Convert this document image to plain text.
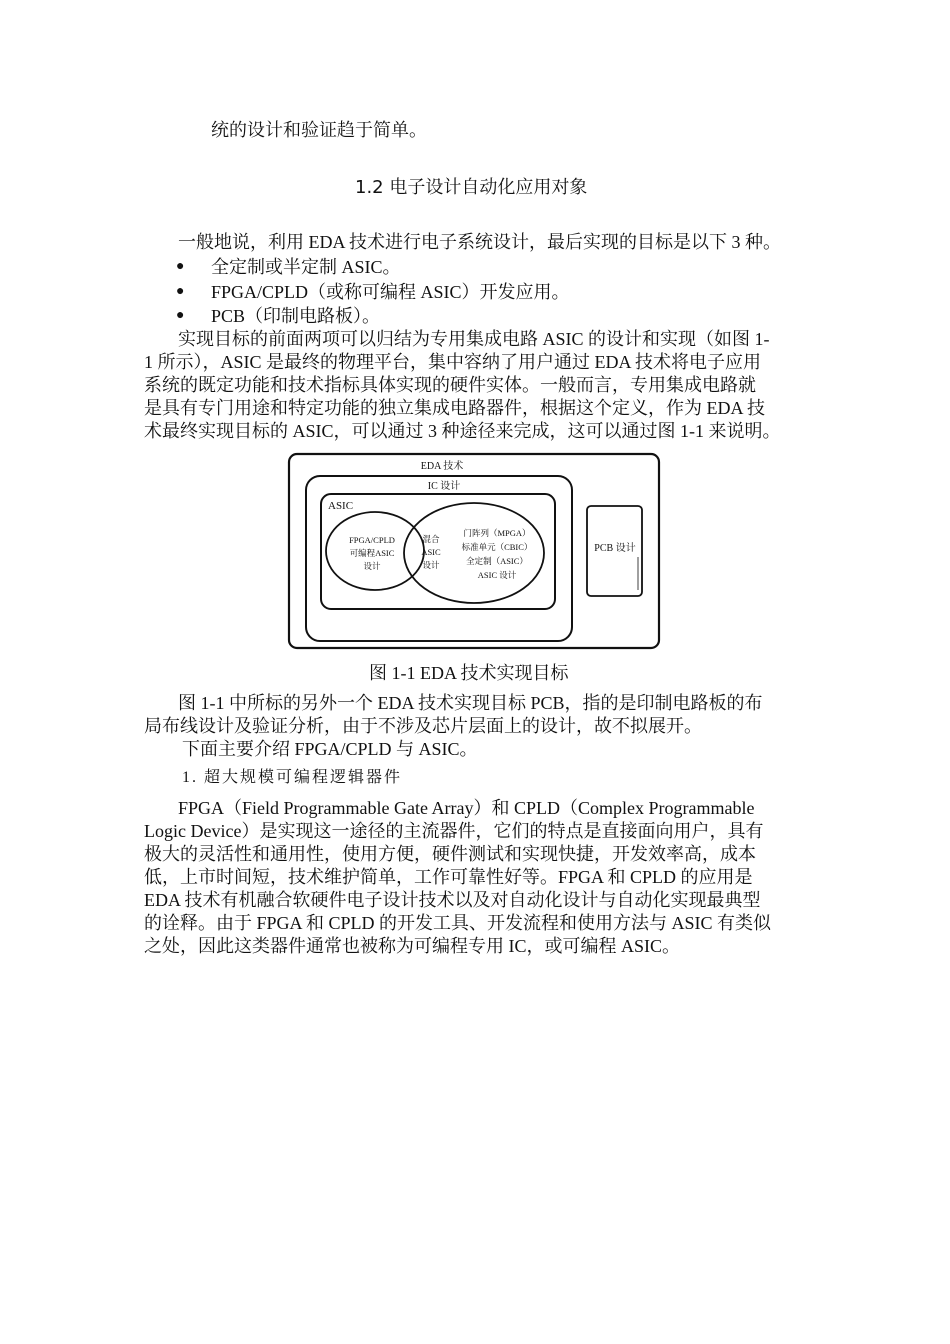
统的设计和验证趋于简单。
1.2 电子设计自动化应用对象
一般地说，利用 EDA 技术进行电子系统设计，最后实现的目标是以下 3 种。
● 全定制或半定制 ASIC。
● FPGA/CPLD（或称可编程 ASIC）开发应用。
● PCB（印制电路板）。
实现目标的前面两项可以归结为专用集成电路 ASIC 的设计和实现（如图 1-
1 所示），ASIC 是最终的物理平台，集中容纳了用户通过 EDA 技术将电子应用
系统的既定功能和技术指标具体实现的硬件实体。一般而言，专用集成电路就
是具有专门用途和特定功能的独立集成电路器件，根据这个定义，作为 EDA 技
术最终实现目标的 ASIC，可以通过 3 种途径来完成，这可以通过图 1-1 来说明。
EDA 技术
IC 设计
ASIC
FPGA/CPLD
可编程ASIC
设计
混合
ASIC
设计
门阵列（MPGA）
标准单元（CBIC）
全定制（ASIC）
ASIC 设计
PCB 设计
图 1-1 EDA 技术实现目标
图 1-1 中所标的另外一个 EDA 技术实现目标 PCB，指的是印制电路板的布
局布线设计及验证分析，由于不涉及芯片层面上的设计，故不拟展开。
下面主要介绍 FPGA/CPLD 与 ASIC。
1. 超大规模可编程逻辑器件
FPGA（Field Programmable Gate Array）和 CPLD（Complex Programmable
Logic Device）是实现这一途径的主流器件，它们的特点是直接面向用户，具有
极大的灵活性和通用性，使用方便，硬件测试和实现快捷，开发效率高，成本
低，上市时间短，技术维护简单，工作可靠性好等。FPGA 和 CPLD 的应用是
EDA 技术有机融合软硬件电子设计技术以及对自动化设计与自动化实现最典型
的诠释。由于 FPGA 和 CPLD 的开发工具、开发流程和使用方法与 ASIC 有类似
之处，因此这类器件通常也被称为可编程专用 IC，或可编程 ASIC。
